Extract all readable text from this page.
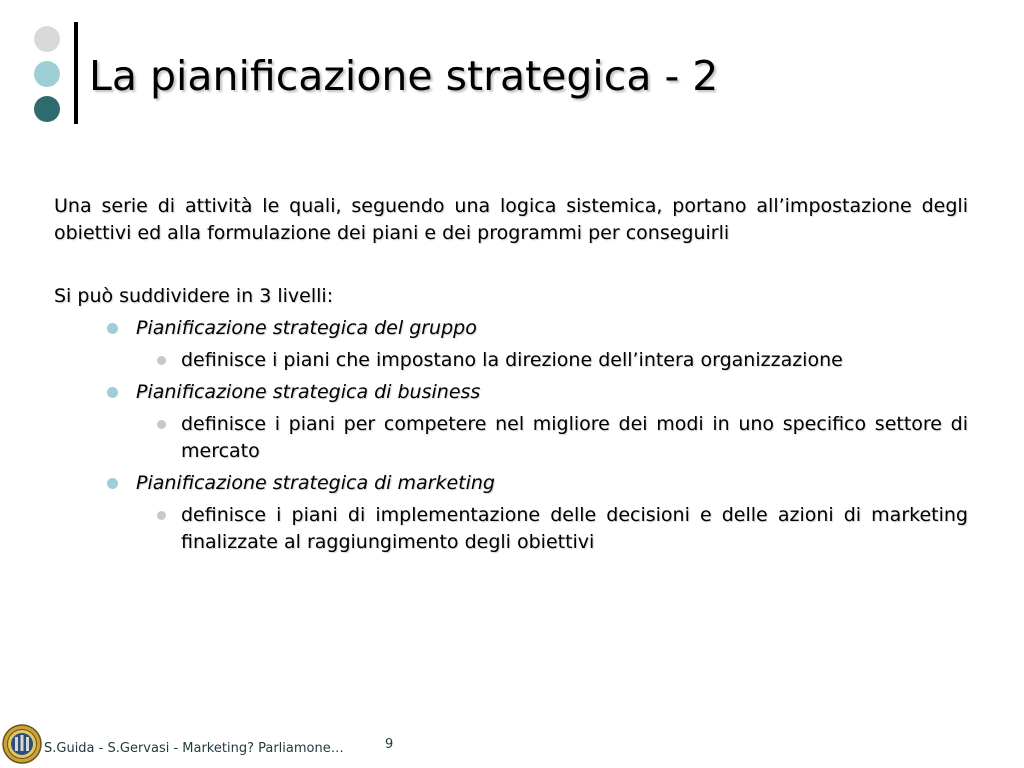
La pianificazione strategica - 2

Una serie di attività le quali, seguendo una logica sistemica, portano all’impostazione degli obiettivi ed alla formulazione dei piani e dei programmi per conseguirli

Si può suddividere in 3 livelli:

Pianificazione strategica del gruppo
definisce i piani che impostano la direzione dell’intera organizzazione
Pianificazione strategica di business
definisce i piani per competere nel migliore dei modi in uno specifico settore di mercato
Pianificazione strategica di marketing
definisce i piani di implementazione delle decisioni e delle azioni di marketing finalizzate al raggiungimento degli obiettivi
S.Guida - S.Gervasi - Marketing? Parliamone…	9
